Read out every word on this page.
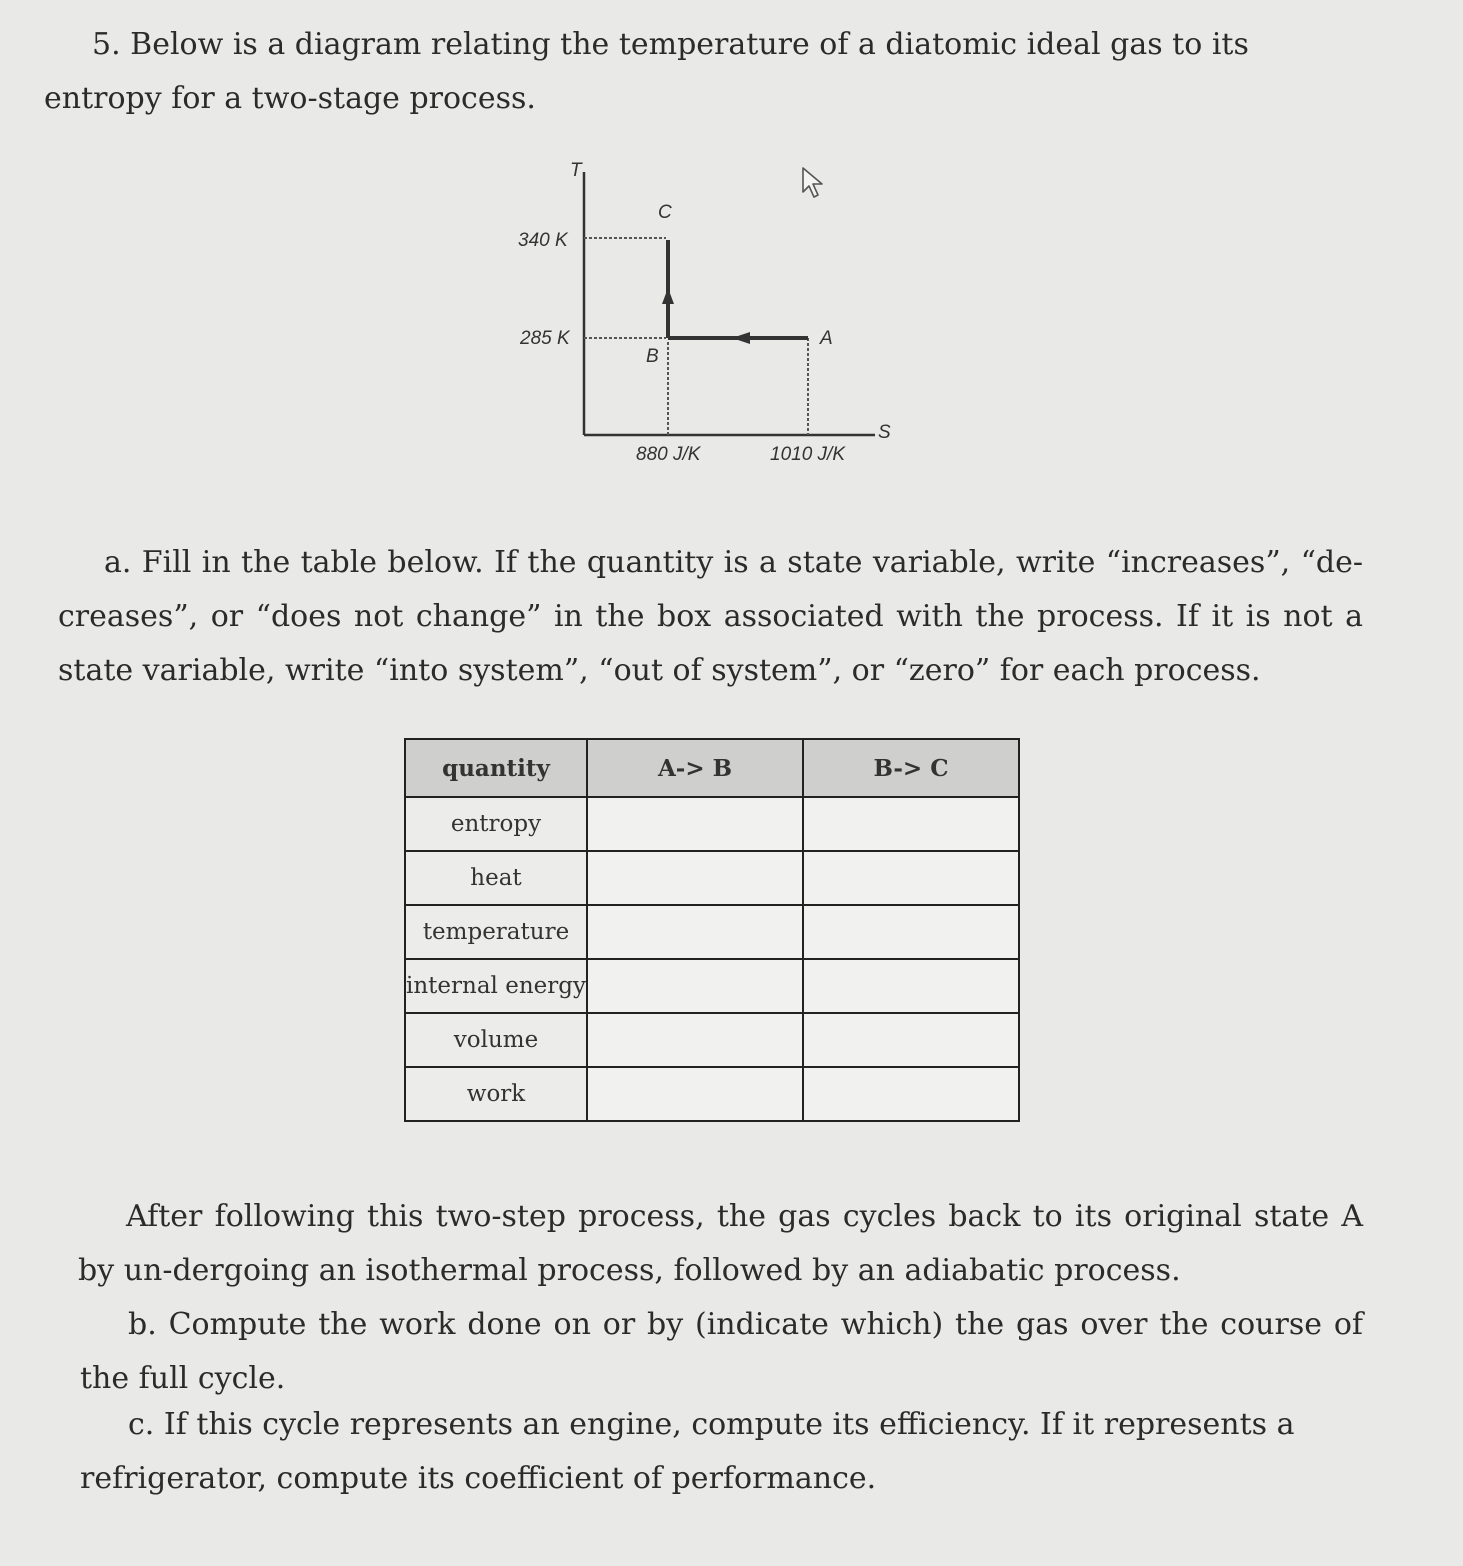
5. Below is a diagram relating the temperature of a diatomic ideal gas to its entropy for a two-stage process.

T
S
340 K
285 K
880 J/K	1010 J/K
C
B
A

a. Fill in the table below. If the quantity is a state variable, write “increases”, “de-creases”, or “does not change” in the box associated with the process. If it is not a state variable, write “into system”, “out of system”, or “zero” for each process.

quantity	A-> B	B-> C
entropy		
heat		
temperature		
internal energy		
volume		
work		

After following this two-step process, the gas cycles back to its original state A by un-dergoing an isothermal process, followed by an adiabatic process.

b. Compute the work done on or by (indicate which) the gas over the course of the full cycle.

c. If this cycle represents an engine, compute its efficiency. If it represents a refrigerator, compute its coefficient of performance.
